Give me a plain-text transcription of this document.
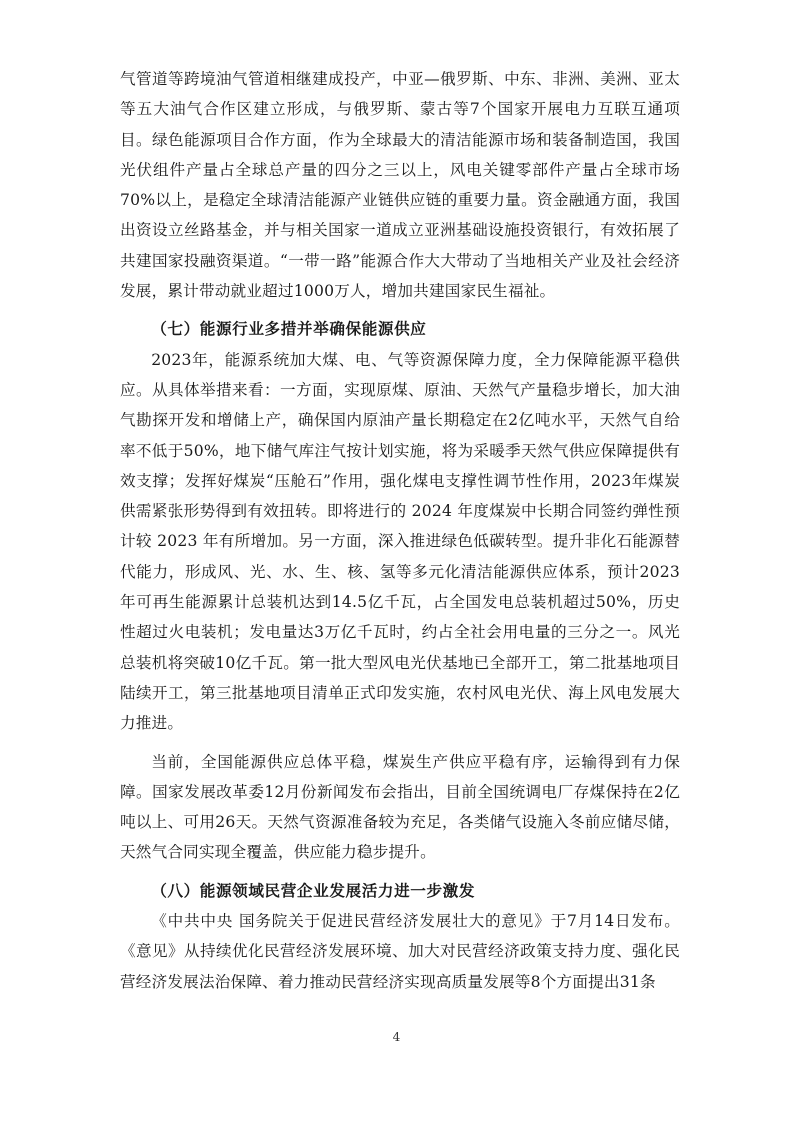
气管道等跨境油气管道相继建成投产，中亚—俄罗斯、中东、非洲、美洲、亚太等五大油气合作区建立形成，与俄罗斯、蒙古等7个国家开展电力互联互通项目。绿色能源项目合作方面，作为全球最大的清洁能源市场和装备制造国，我国光伏组件产量占全球总产量的四分之三以上，风电关键零部件产量占全球市场70%以上，是稳定全球清洁能源产业链供应链的重要力量。资金融通方面，我国出资设立丝路基金，并与相关国家一道成立亚洲基础设施投资银行，有效拓展了共建国家投融资渠道。“一带一路”能源合作大大带动了当地相关产业及社会经济发展，累计带动就业超过1000万人，增加共建国家民生福祉。

（七）能源行业多措并举确保能源供应

2023年，能源系统加大煤、电、气等资源保障力度，全力保障能源平稳供应。从具体举措来看：一方面，实现原煤、原油、天然气产量稳步增长，加大油气勘探开发和增储上产，确保国内原油产量长期稳定在2亿吨水平，天然气自给率不低于50%，地下储气库注气按计划实施，将为采暖季天然气供应保障提供有效支撑；发挥好煤炭“压舱石”作用，强化煤电支撑性调节性作用，2023年煤炭供需紧张形势得到有效扭转。即将进行的 2024 年度煤炭中长期合同签约弹性预计较 2023 年有所增加。另一方面，深入推进绿色低碳转型。提升非化石能源替代能力，形成风、光、水、生、核、氢等多元化清洁能源供应体系，预计2023年可再生能源累计总装机达到14.5亿千瓦，占全国发电总装机超过50%，历史性超过火电装机；发电量达3万亿千瓦时，约占全社会用电量的三分之一。风光总装机将突破10亿千瓦。第一批大型风电光伏基地已全部开工，第二批基地项目陆续开工，第三批基地项目清单正式印发实施，农村风电光伏、海上风电发展大力推进。

当前，全国能源供应总体平稳，煤炭生产供应平稳有序，运输得到有力保障。国家发展改革委12月份新闻发布会指出，目前全国统调电厂存煤保持在2亿吨以上、可用26天。天然气资源准备较为充足，各类储气设施入冬前应储尽储，天然气合同实现全覆盖，供应能力稳步提升。

（八）能源领域民营企业发展活力进一步激发

《中共中央 国务院关于促进民营经济发展壮大的意见》于7月14日发布。《意见》从持续优化民营经济发展环境、加大对民营经济政策支持力度、强化民营经济发展法治保障、着力推动民营经济实现高质量发展等8个方面提出31条

4
